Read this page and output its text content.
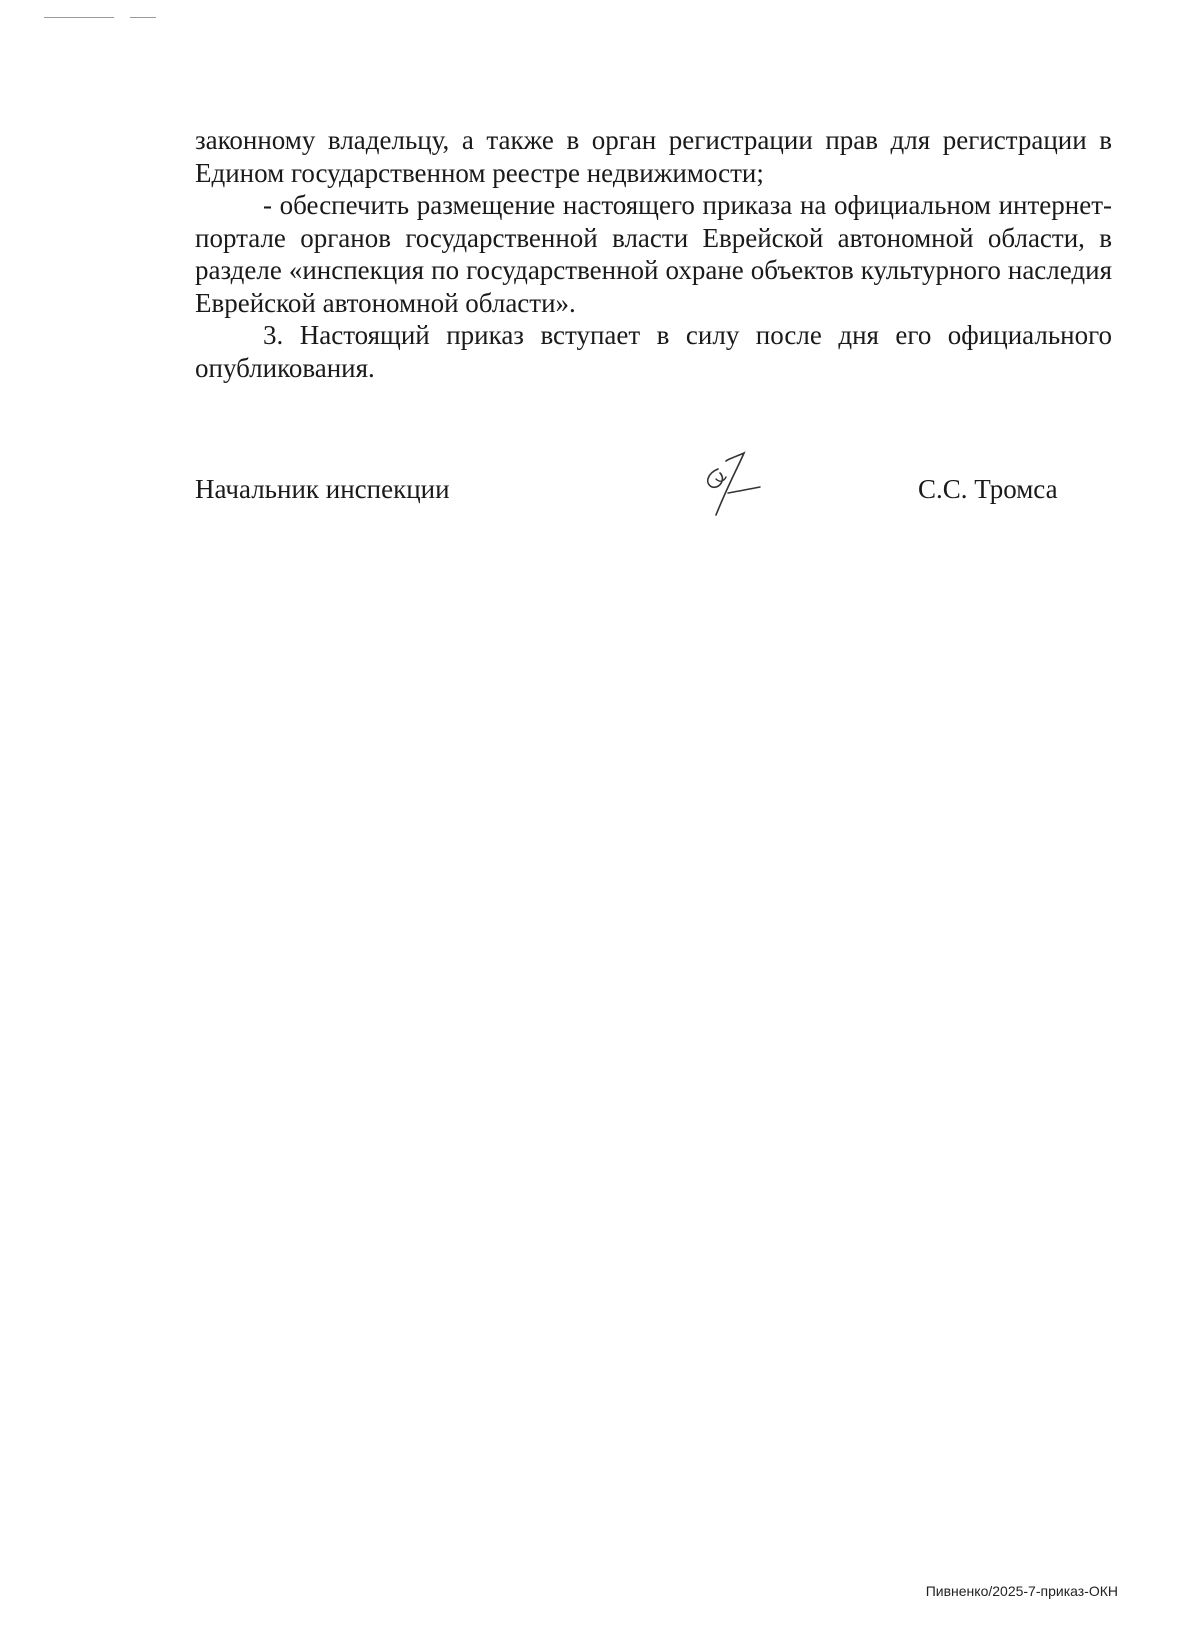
законному владельцу, а также в орган регистрации прав для регистрации в Едином государственном реестре недвижимости;

- обеспечить размещение настоящего приказа на официальном интернет-портале органов государственной власти Еврейской автономной области, в разделе «инспекция по государственной охране объектов культурного наследия Еврейской автономной области».

3. Настоящий приказ вступает в силу после дня его официального опубликования.

Начальник инспекции	С.С. Тромса
Пивненко/2025-7-приказ-ОКН
